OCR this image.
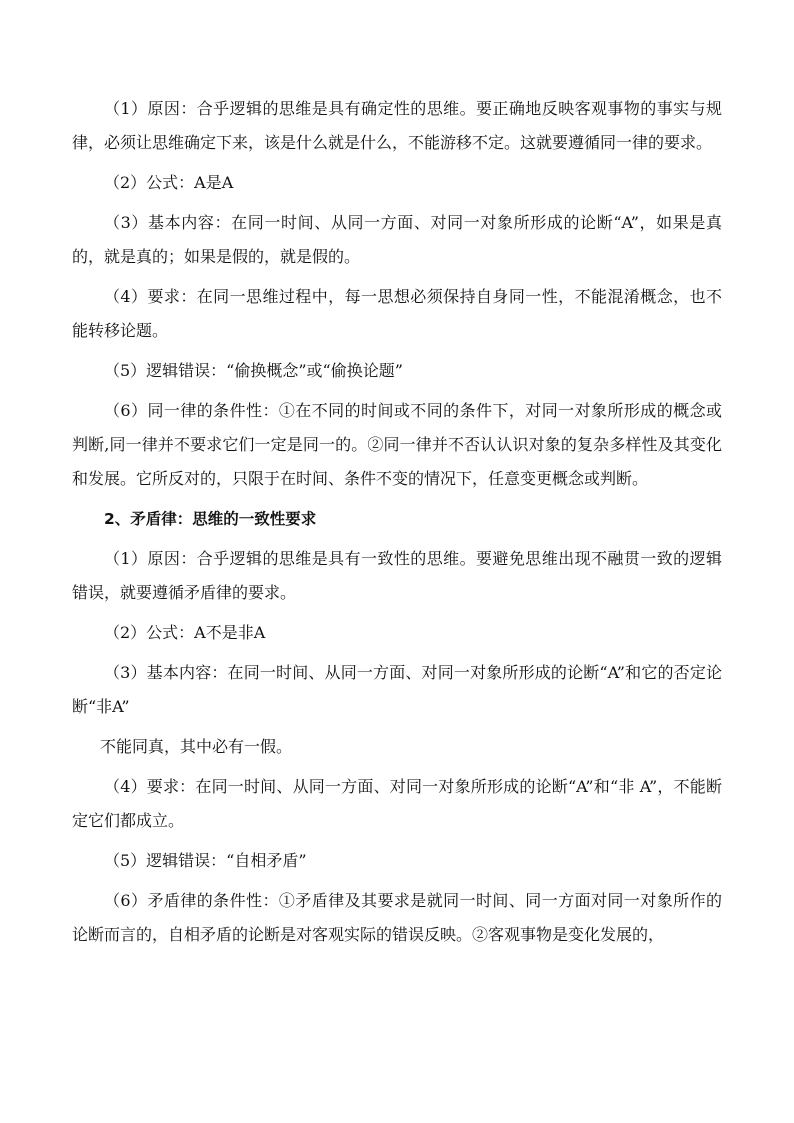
（1）原因：合乎逻辑的思维是具有确定性的思维。要正确地反映客观事物的事实与规律，必须让思维确定下来，该是什么就是什么，不能游移不定。这就要遵循同一律的要求。

（2）公式：A是A

（3）基本内容：在同一时间、从同一方面、对同一对象所形成的论断“A”，如果是真的，就是真的；如果是假的，就是假的。

（4）要求：在同一思维过程中，每一思想必须保持自身同一性，不能混淆概念，也不能转移论题。

（5）逻辑错误：“偷换概念”或“偷换论题”

（6）同一律的条件性：①在不同的时间或不同的条件下，对同一对象所形成的概念或判断,同一律并不要求它们一定是同一的。②同一律并不否认认识对象的复杂多样性及其变化和发展。它所反对的，只限于在时间、条件不变的情况下，任意变更概念或判断。

2、矛盾律：思维的一致性要求

（1）原因：合乎逻辑的思维是具有一致性的思维。要避免思维出现不融贯一致的逻辑错误，就要遵循矛盾律的要求。

（2）公式：A不是非A

（3）基本内容：在同一时间、从同一方面、对同一对象所形成的论断“A”和它的否定论断“非A”

不能同真，其中必有一假。

（4）要求：在同一时间、从同一方面、对同一对象所形成的论断“A”和“非 A”，不能断定它们都成立。

（5）逻辑错误：“自相矛盾”

（6）矛盾律的条件性：①矛盾律及其要求是就同一时间、同一方面对同一对象所作的论断而言的，自相矛盾的论断是对客观实际的错误反映。②客观事物是变化发展的，
